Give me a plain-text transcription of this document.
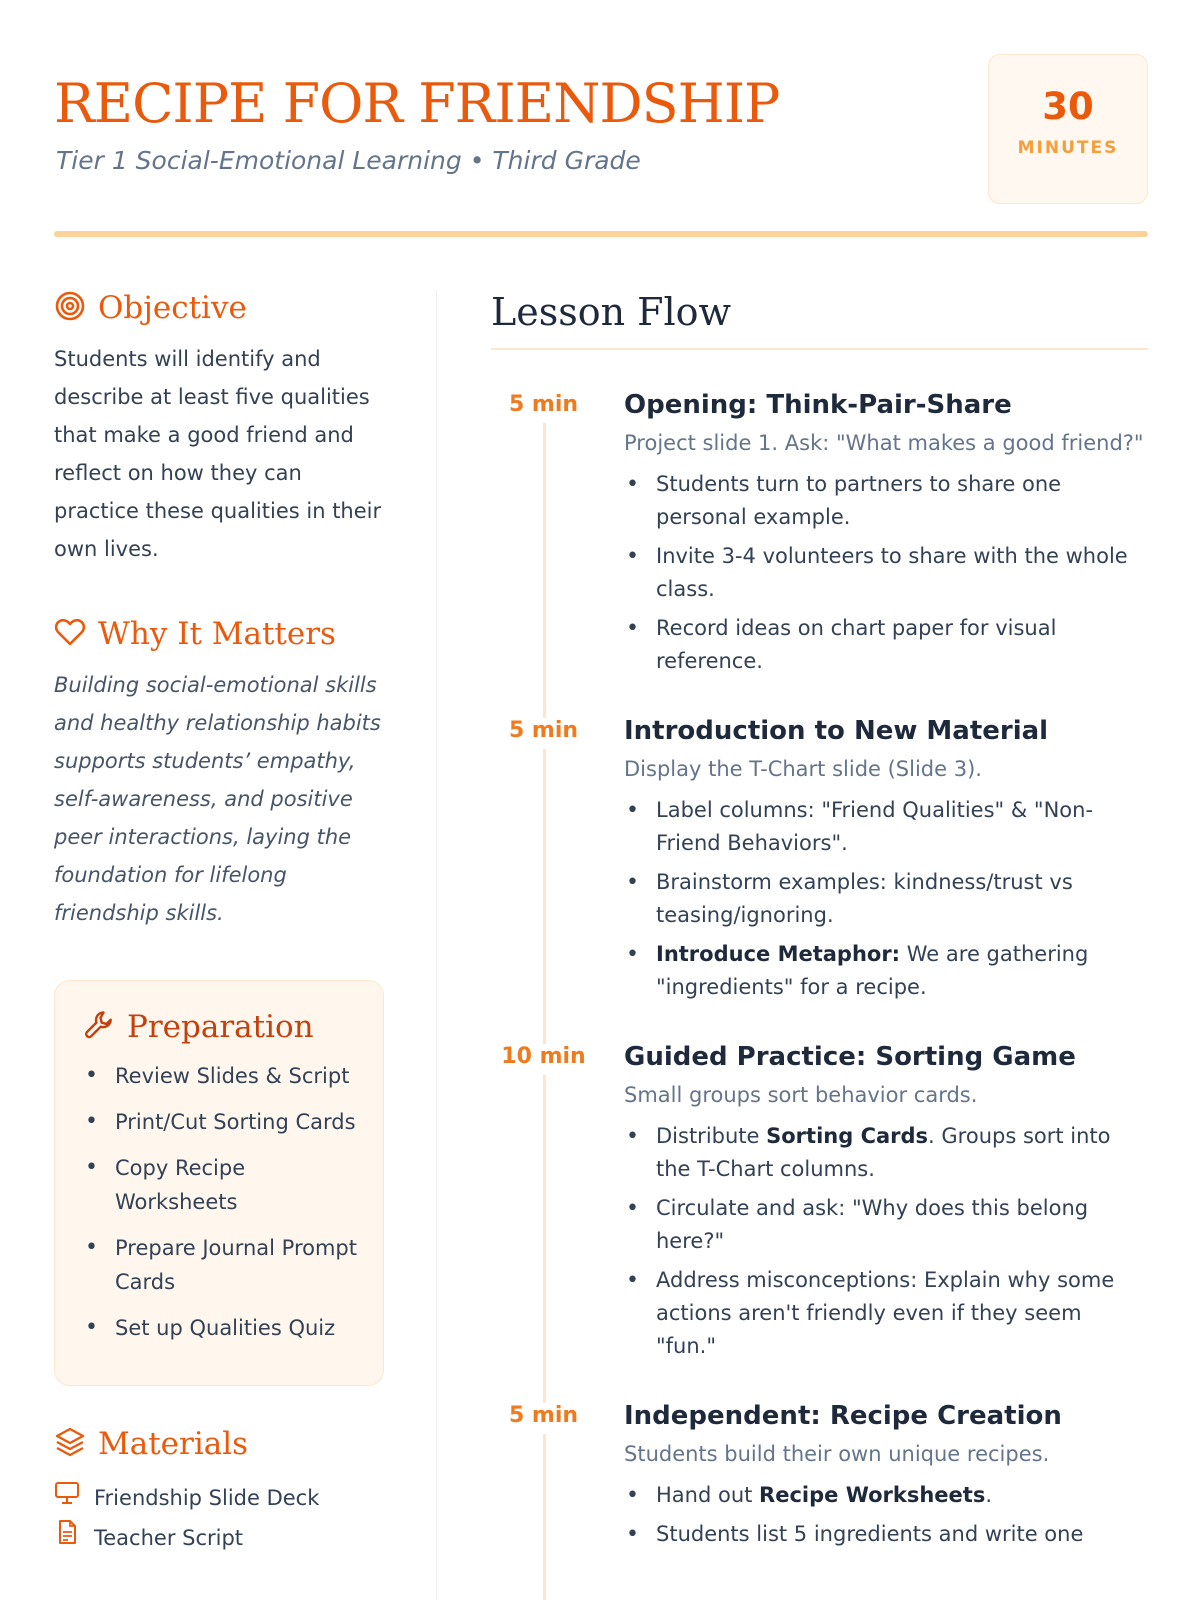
RECIPE FOR FRIENDSHIP
Tier 1 Social-Emotional Learning • Third Grade
30
MINUTES
Objective

Students will identify and describe at least five qualities that make a good friend and reflect on how they can practice these qualities in their own lives.

Why It Matters

Building social-emotional skills and healthy relationship habits supports students’ empathy, self-awareness, and positive peer interactions, laying the foundation for lifelong friendship skills.

Preparation
• Review Slides & Script
• Print/Cut Sorting Cards
• Copy Recipe Worksheets
• Prepare Journal Prompt Cards
• Set up Qualities Quiz
Materials
Friendship Slide Deck
Teacher Script
Lesson Flow
5 min	Opening: Think-Pair-Share
Project slide 1. Ask: "What makes a good friend?"
• Students turn to partners to share one personal example.
• Invite 3-4 volunteers to share with the whole class.
• Record ideas on chart paper for visual reference.
5 min	Introduction to New Material
Display the T-Chart slide (Slide 3).
• Label columns: "Friend Qualities" & "Non-Friend Behaviors".
• Brainstorm examples: kindness/trust vs teasing/ignoring.
• Introduce Metaphor: We are gathering "ingredients" for a recipe.
10 min	Guided Practice: Sorting Game
Small groups sort behavior cards.
• Distribute Sorting Cards. Groups sort into the T-Chart columns.
• Circulate and ask: "Why does this belong here?"
• Address misconceptions: Explain why some actions aren't friendly even if they seem "fun."
5 min	Independent: Recipe Creation
Students build their own unique recipes.
• Hand out Recipe Worksheets.
• Students list 5 ingredients and write one
